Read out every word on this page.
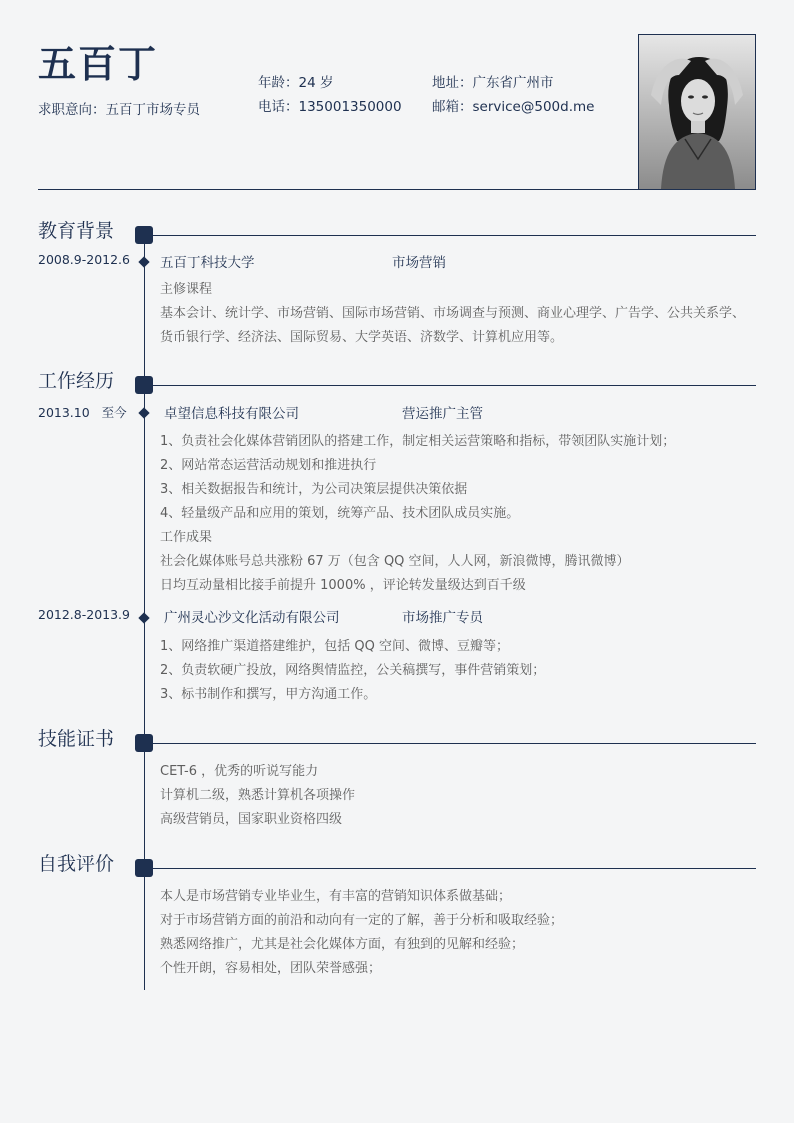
五百丁
求职意向：五百丁市场专员
年龄：24 岁
电话：135001350000
地址：广东省广州市
邮箱：service@500d.me
教育背景
2008.9-2012.6 五百丁科技大学	市场营销
主修课程
基本会计、统计学、市场营销、国际市场营销、市场调查与预测、商业心理学、广告学、公共关系学、货币银行学、经济法、国际贸易、大学英语、济数学、计算机应用等。
工作经历
2013.10   至今	卓望信息科技有限公司	营运推广主管
1、负责社会化媒体营销团队的搭建工作，制定相关运营策略和指标，带领团队实施计划；
2、网站常态运营活动规划和推进执行
3、相关数据报告和统计，为公司决策层提供决策依据
4、轻量级产品和应用的策划，统筹产品、技术团队成员实施。
工作成果
社会化媒体账号总共涨粉 67 万（包含 QQ 空间，人人网，新浪微博，腾讯微博）
日均互动量相比接手前提升 1000% ，评论转发量级达到百千级
2012.8-2013.9	广州灵心沙文化活动有限公司	市场推广专员
1、网络推广渠道搭建维护，包括 QQ 空间、微博、豆瓣等；
2、负责软硬广投放，网络舆情监控，公关稿撰写，事件营销策划；
3、标书制作和撰写，甲方沟通工作。
技能证书
CET-6 ，优秀的听说写能力
计算机二级，熟悉计算机各项操作
高级营销员，国家职业资格四级
自我评价
本人是市场营销专业毕业生，有丰富的营销知识体系做基础；
对于市场营销方面的前沿和动向有一定的了解，善于分析和吸取经验；
熟悉网络推广，尤其是社会化媒体方面，有独到的见解和经验；
个性开朗，容易相处，团队荣誉感强；
